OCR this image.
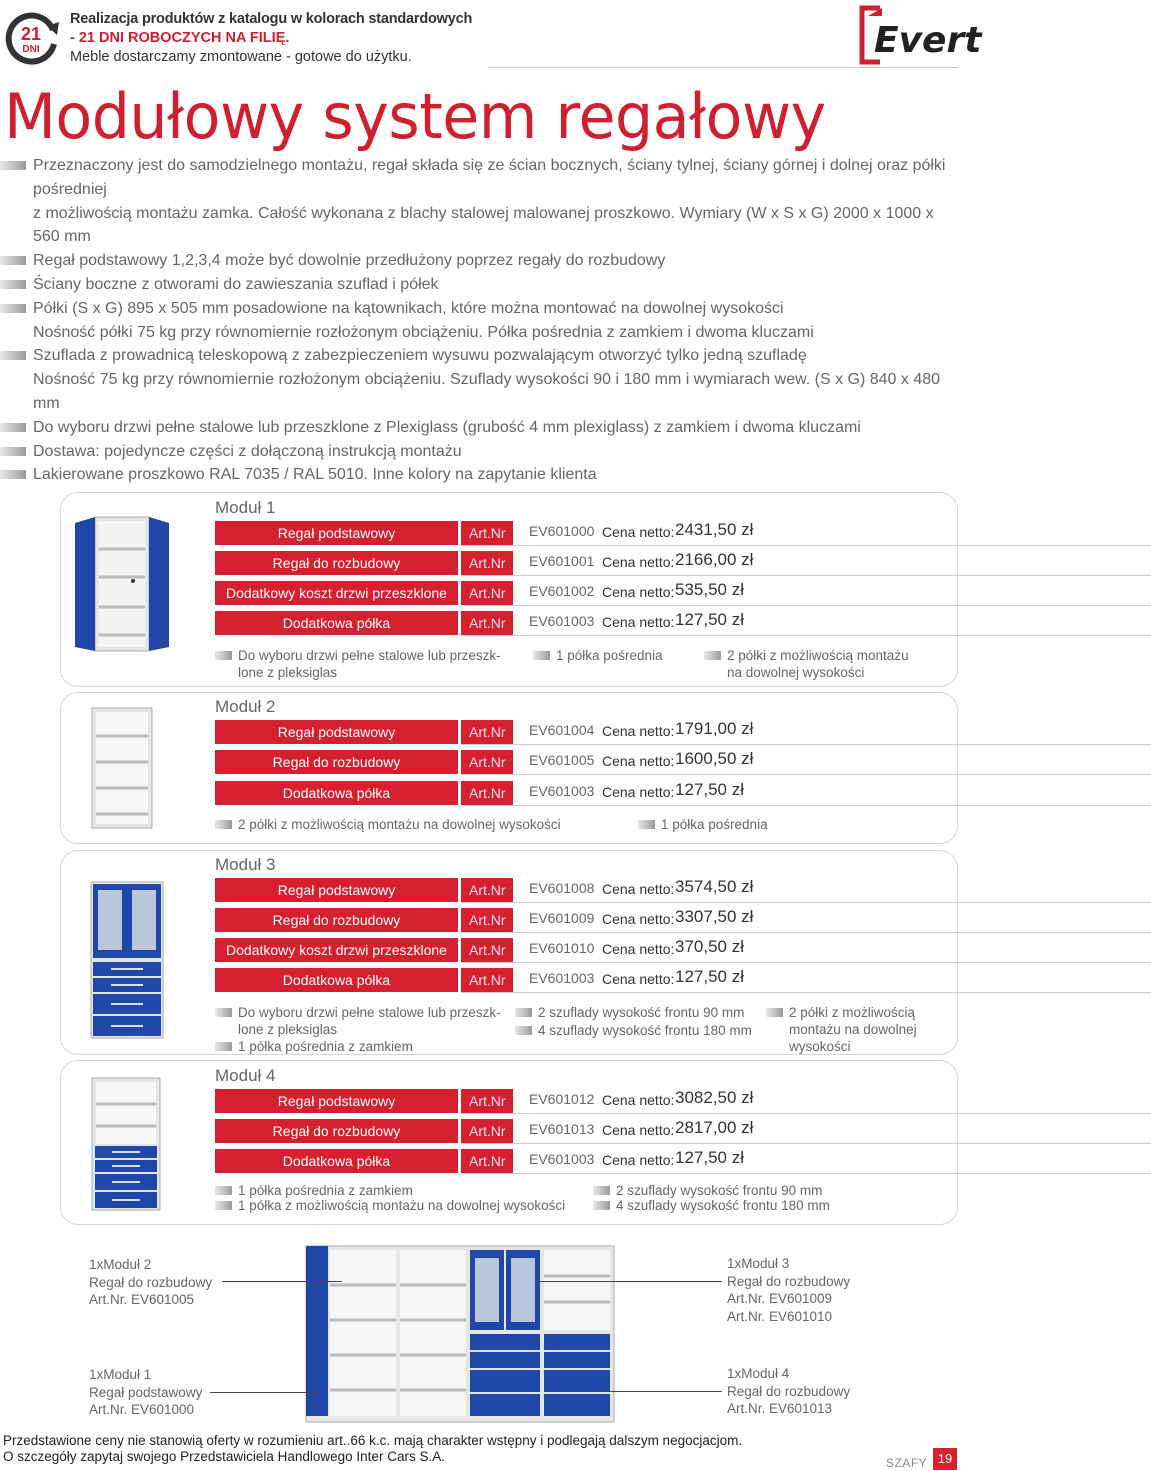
21
DNI
Realizacja produktów z katalogu w kolorach standardowych
- 21 DNI ROBOCZYCH NA FILIĘ.
Meble dostarczamy zmontowane - gotowe do użytku.	Evert
Modułowy system regałowy

Przeznaczony jest do samodzielnego montażu, regał składa się ze ścian bocznych, ściany tylnej, ściany górnej i dolnej oraz półki pośredniej

z możliwością montażu zamka. Całość wykonana z blachy stalowej malowanej proszkowo. Wymiary (W x S x G) 2000 x 1000 x 560 mm

Regał podstawowy 1,2,3,4 może być dowolnie przedłużony poprzez regały do rozbudowy

Ściany boczne z otworami do zawieszania szuflad i półek

Półki (S x G) 895 x 505 mm posadowione na kątownikach, które można montować na dowolnej wysokości

Nośność półki 75 kg przy równomiernie rozłożonym obciążeniu. Półka pośrednia z zamkiem i dwoma kluczami

Szuflada z prowadnicą teleskopową z zabezpieczeniem wysuwu pozwalającym otworzyć tylko jedną szufladę

Nośność 75 kg przy równomiernie rozłożonym obciążeniu. Szuflady wysokości 90 i 180 mm i wymiarach wew. (S x G) 840 x 480 mm

Do wyboru drzwi pełne stalowe lub przeszklone z Plexiglass (grubość 4 mm plexiglass) z zamkiem i dwoma kluczami

Dostawa: pojedyncze części z dołączoną instrukcją montażu

Lakierowane proszkowo RAL 7035 / RAL 5010. Inne kolory na zapytanie klienta

Moduł 1
Moduł 2
Moduł 3
Moduł 4
Regał podstawowy	Art.Nr	EV601000 Cena netto: 2431,50 zł
Regał do rozbudowy	Art.Nr	EV601001 Cena netto: 2166,00 zł
Dodatkowy koszt drzwi przeszklone	Art.Nr	EV601002 Cena netto: 535,50 zł
Dodatkowa półka	Art.Nr	EV601003 Cena netto: 127,50 zł
Regał podstawowy	Art.Nr	EV601004 Cena netto: 1791,00 zł
Regał do rozbudowy	Art.Nr	EV601005 Cena netto: 1600,50 zł
Dodatkowa półka	Art.Nr	EV601003 Cena netto: 127,50 zł
Regał podstawowy	Art.Nr	EV601008 Cena netto: 3574,50 zł
Regał do rozbudowy	Art.Nr	EV601009 Cena netto: 3307,50 zł
Dodatkowy koszt drzwi przeszklone	Art.Nr	EV601010 Cena netto: 370,50 zł
Dodatkowa półka	Art.Nr	EV601003 Cena netto: 127,50 zł
Regał podstawowy	Art.Nr	EV601012 Cena netto: 3082,50 zł
Regał do rozbudowy	Art.Nr	EV601013 Cena netto: 2817,00 zł
Dodatkowa półka	Art.Nr	EV601003 Cena netto: 127,50 zł
Do wyboru drzwi pełne stalowe lub przeszk-
lone z pleksiglas
1 półka pośrednia	2 półki z możliwością montażu
na dowolnej wysokości
2 półki z możliwością montażu na dowolnej wysokości	1 półka pośrednia
Do wyboru drzwi pełne stalowe lub przeszk-
lone z pleksiglas
1 półka pośrednia z zamkiem
2 szuflady wysokość frontu 90 mm
4 szuflady wysokość frontu 180 mm
2 półki z możliwością
montażu na dowolnej
wysokości
1 półka pośrednia z zamkiem
1 półka z możliwością montażu na dowolnej wysokości
2 szuflady wysokość frontu 90 mm
4 szuflady wysokość frontu 180 mm
1xModuł 2
Regał do rozbudowy
Art.Nr. EV601005
1xModuł 1
Regał podstawowy
Art.Nr. EV601000
1xModuł 3
Regał do rozbudowy
Art.Nr. EV601009
Art.Nr. EV601010
1xModuł 4
Regał do rozbudowy
Art.Nr. EV601013
Przedstawione ceny nie stanowią oferty w rozumieniu art..66 k.c. mają charakter wstępny i podlegają dalszym negocjacjom.
O szczegóły zapytaj swojego Przedstawiciela Handlowego Inter Cars S.A.	SZAFY 19
